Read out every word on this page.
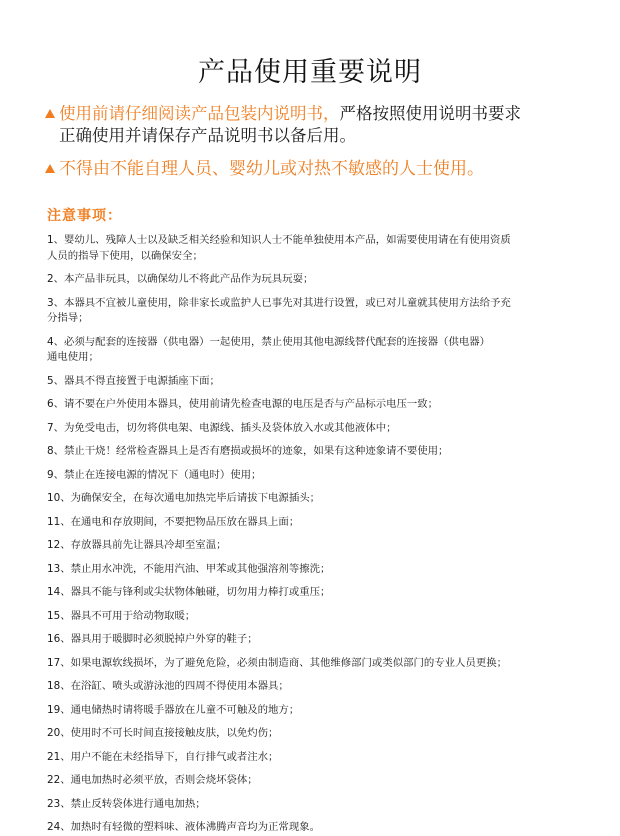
产品使用重要说明
使用前请仔细阅读产品包装内说明书，严格按照使用说明书要求
正确使用并请保存产品说明书以备后用。
不得由不能自理人员、婴幼儿或对热不敏感的人士使用。
注意事项：
1、婴幼儿、残障人士以及缺乏相关经验和知识人士不能单独使用本产品，如需要使用请在有使用资质
人员的指导下使用，以确保安全；
2、本产品非玩具，以确保幼儿不将此产品作为玩具玩耍；
3、本器具不宜被儿童使用，除非家长或监护人已事先对其进行设置，或已对儿童就其使用方法给予充
分指导；
4、必须与配套的连接器（供电器）一起使用，禁止使用其他电源线替代配套的连接器（供电器）
通电使用；
5、器具不得直接置于电源插座下面；
6、请不要在户外使用本器具，使用前请先检查电源的电压是否与产品标示电压一致；
7、为免受电击，切勿将供电架、电源线、插头及袋体放入水或其他液体中；
8、禁止干烧！经常检查器具上是否有磨损或损坏的迹象，如果有这种迹象请不要使用；
9、禁止在连接电源的情况下（通电时）使用；
10、为确保安全，在每次通电加热完毕后请拔下电源插头；
11、在通电和存放期间，不要把物品压放在器具上面；
12、存放器具前先让器具冷却至室温；
13、禁止用水冲洗，不能用汽油、甲苯或其他强溶剂等擦洗；
14、器具不能与锋利或尖状物体触碰，切勿用力棒打或重压；
15、器具不可用于给动物取暖；
16、器具用于暖脚时必须脱掉户外穿的鞋子；
17、如果电源软线损坏，为了避免危险，必须由制造商、其他维修部门或类似部门的专业人员更换；
18、在浴缸、喷头或游泳池的四周不得使用本器具；
19、通电储热时请将暖手器放在儿童不可触及的地方；
20、使用时不可长时间直接接触皮肤，以免灼伤；
21、用户不能在未经指导下，自行排气或者注水；
22、通电加热时必须平放，否则会烧坏袋体；
23、禁止反转袋体进行通电加热；
24、加热时有轻微的塑料味、液体沸腾声音均为正常现象。
